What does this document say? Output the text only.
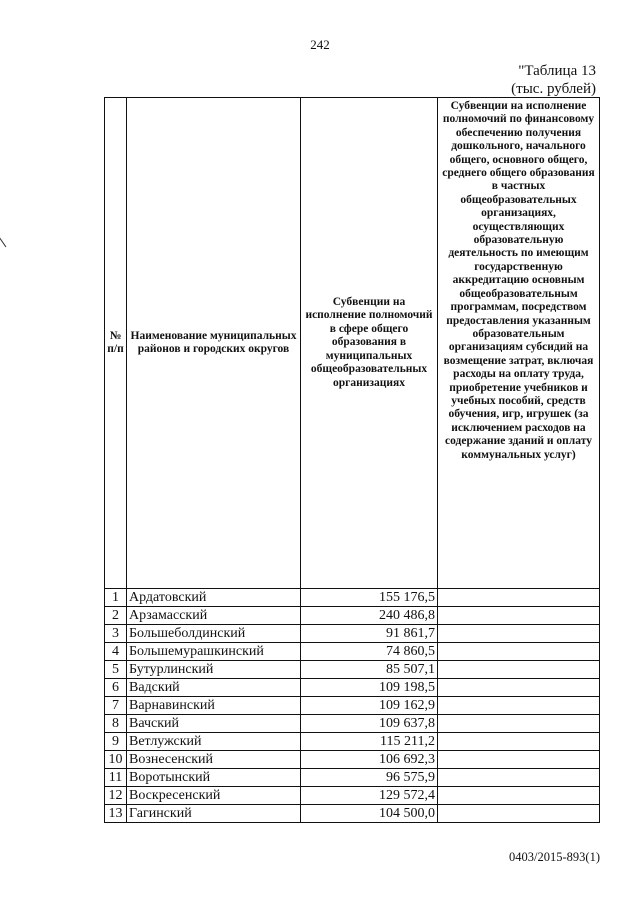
242
"Таблица 13
(тыс. рублей)
№ п/п	Наименование муниципальных районов и городских округов	Субвенции на исполнение полномочий в сфере общего образования в муниципальных общеобразовательных организациях	Субвенции на исполнение полномочий по финансовому обеспечению получения дошкольного, начального общего, основного общего, среднего общего образования в частных общеобразовательных организациях, осуществляющих образовательную деятельность по имеющим государственную аккредитацию основным общеобразовательным программам, посредством предоставления указанным образовательным организациям субсидий на возмещение затрат, включая расходы на оплату труда, приобретение учебников и учебных пособий, средств обучения, игр, игрушек (за исключением расходов на содержание зданий и оплату коммунальных услуг)
1	Ардатовский	155 176,5	
2	Арзамасский	240 486,8	
3	Большеболдинский	91 861,7	
4	Большемурашкинский	74 860,5	
5	Бутурлинский	85 507,1	
6	Вадский	109 198,5	
7	Варнавинский	109 162,9	
8	Вачский	109 637,8	
9	Ветлужский	115 211,2	
10	Вознесенский	106 692,3	
11	Воротынский	96 575,9	
12	Воскресенский	129 572,4	
13	Гагинский	104 500,0	
0403/2015-893(1)
